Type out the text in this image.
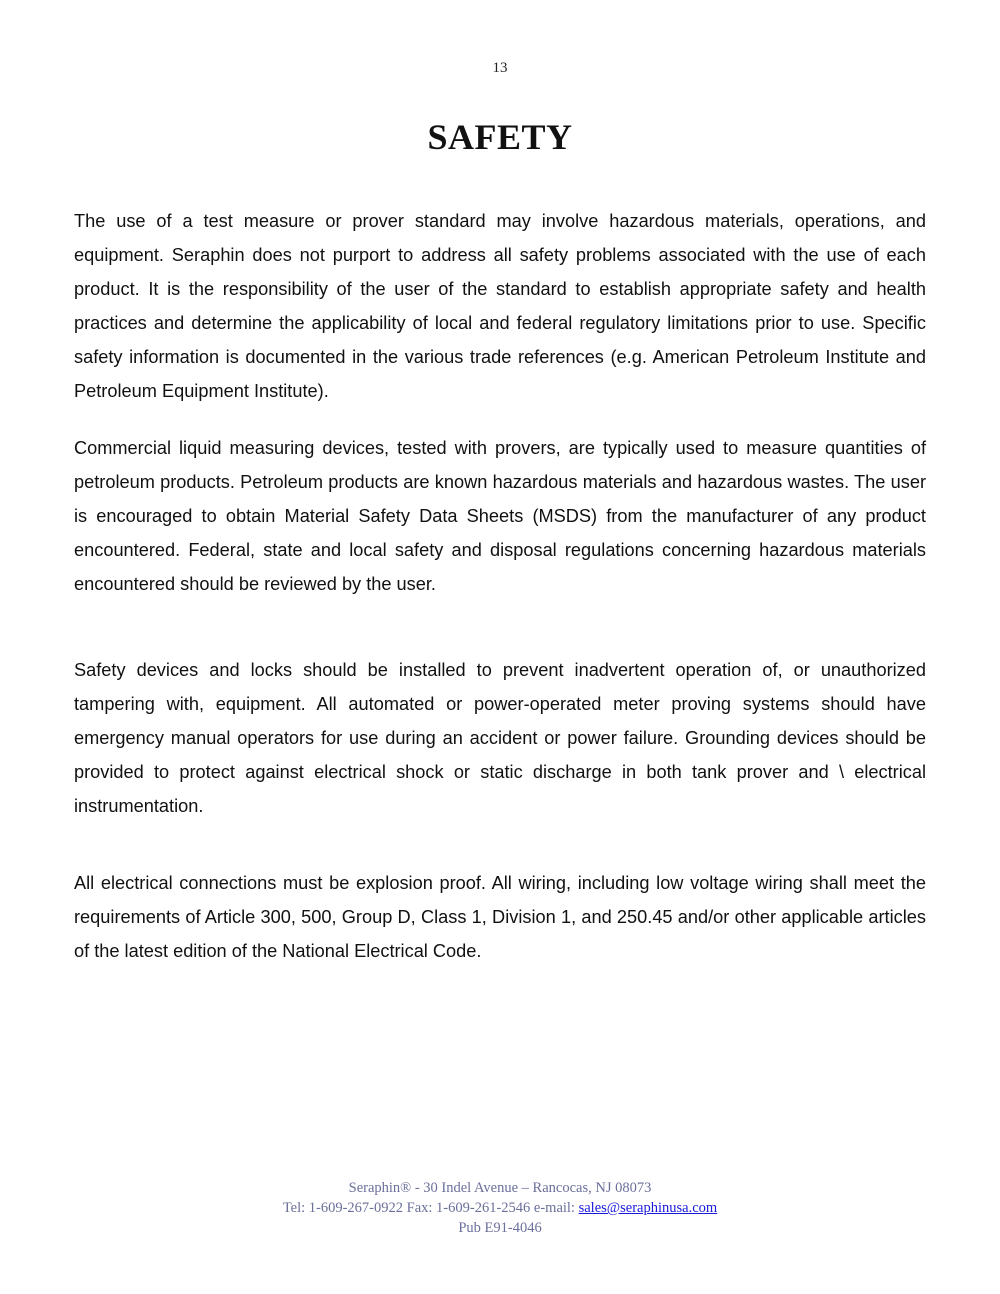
13
SAFETY

The use of a test measure or prover standard may involve hazardous materials, operations, and equipment. Seraphin does not purport to address all safety problems associated with the use of each product. It is the responsibility of the user of the standard to establish appropriate safety and health practices and determine the applicability of local and federal regulatory limitations prior to use. Specific safety information is documented in the various trade references (e.g. American Petroleum Institute and Petroleum Equipment Institute).

Commercial liquid measuring devices, tested with provers, are typically used to measure quantities of petroleum products. Petroleum products are known hazardous materials and hazardous wastes. The user is encouraged to obtain Material Safety Data Sheets (MSDS) from the manufacturer of any product encountered. Federal, state and local safety and disposal regulations concerning hazardous materials encountered should be reviewed by the user.

Safety devices and locks should be installed to prevent inadvertent operation of, or unauthorized tampering with, equipment. All automated or power-operated meter proving systems should have emergency manual operators for use during an accident or power failure. Grounding devices should be provided to protect against electrical shock or static discharge in both tank prover and \ electrical instrumentation.

All electrical connections must be explosion proof. All wiring, including low voltage wiring shall meet the requirements of Article 300, 500, Group D, Class 1, Division 1, and 250.45 and/or other applicable articles of the latest edition of the National Electrical Code.

Seraphin® - 30 Indel Avenue – Rancocas, NJ 08073
Tel: 1-609-267-0922 Fax: 1-609-261-2546 e-mail: sales@seraphinusa.com
Pub E91-4046
